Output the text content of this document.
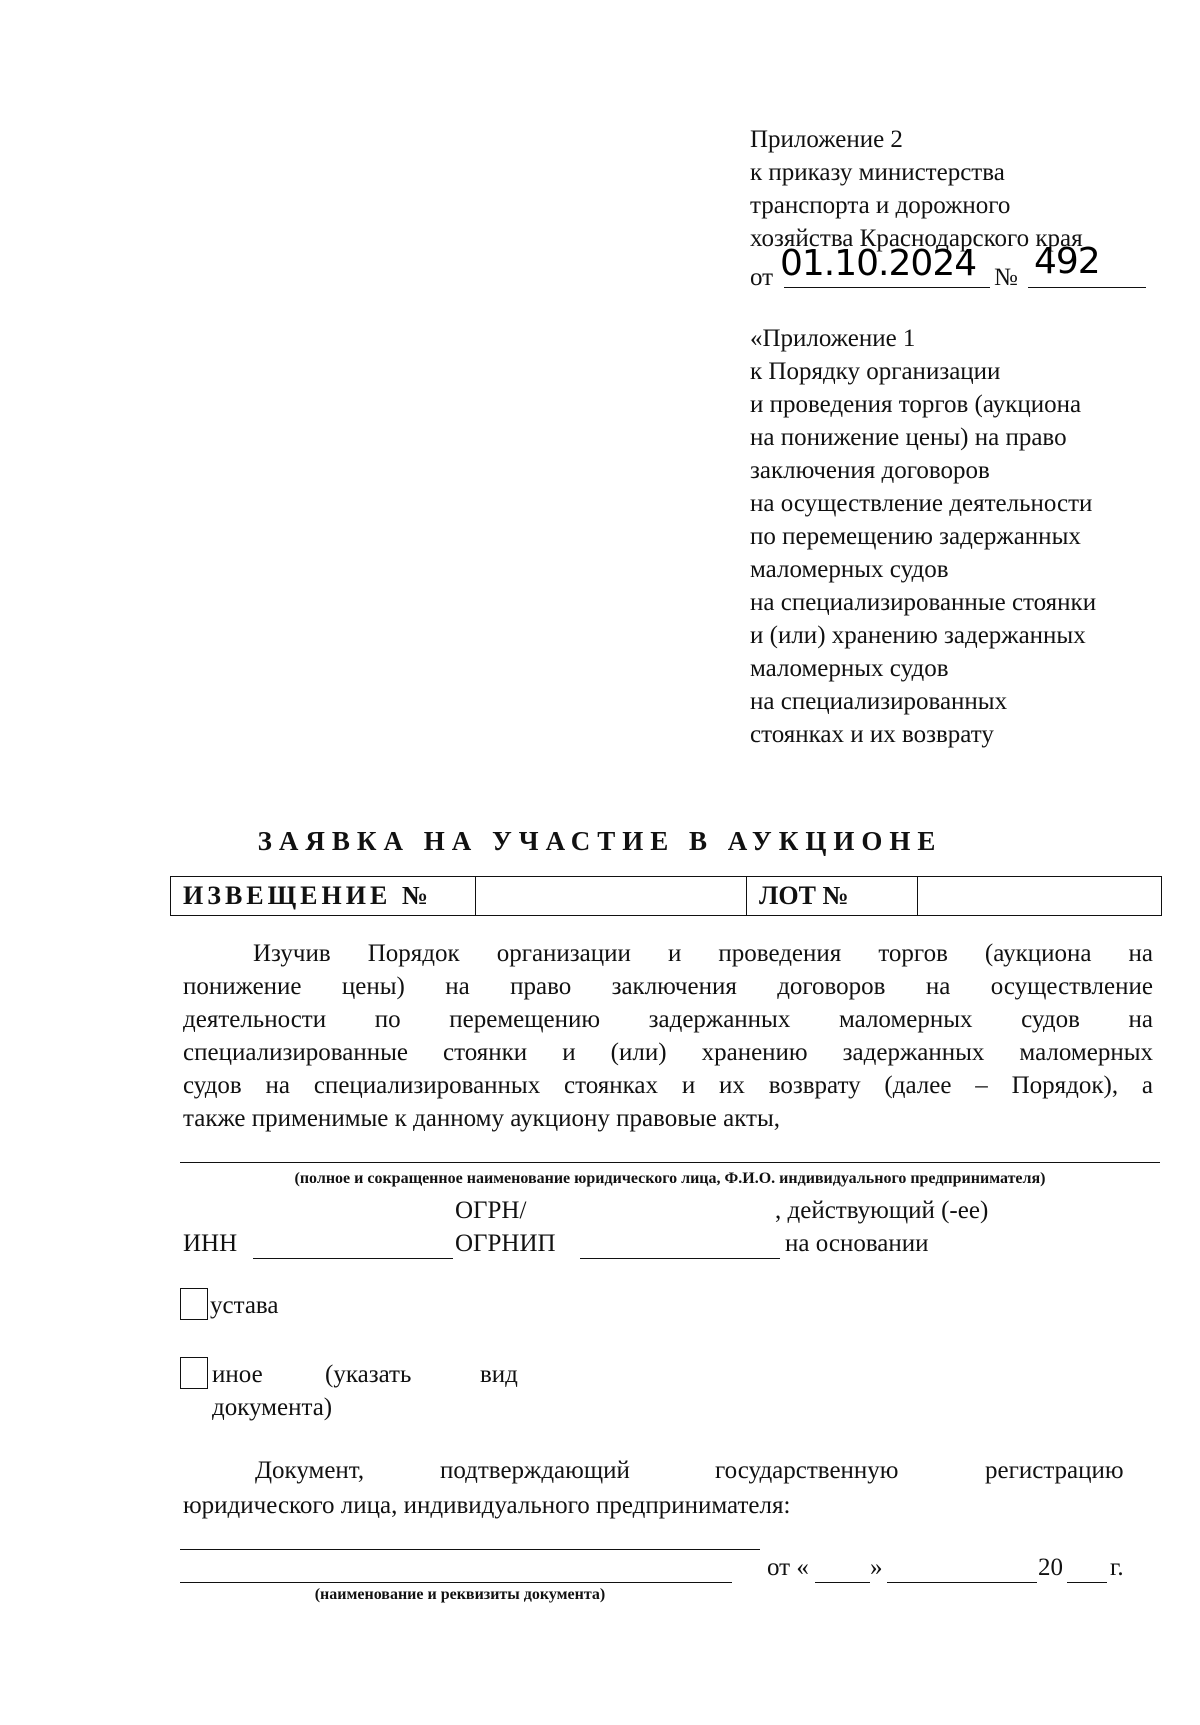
Приложение 2
к приказу министерства
транспорта и дорожного
хозяйства Краснодарского края
от 01.10.2024 № 492
«Приложение 1
к Порядку организации
и проведения торгов (аукциона
на понижение цены) на право
заключения договоров
на осуществление деятельности
по перемещению задержанных
маломерных судов
на специализированные стоянки
и (или) хранению задержанных
маломерных судов
на специализированных
стоянках и их возврату
ЗАЯВКА НА УЧАСТИЕ В АУКЦИОНЕ
ИЗВЕЩЕНИЕ №		ЛОТ №	
Изучив Порядок организации и проведения торгов (аукциона на
понижение цены) на право заключения договоров на осуществление
деятельности по перемещению задержанных маломерных судов на
специализированные стоянки и (или) хранению задержанных маломерных
судов на специализированных стоянках и их возврату (далее – Порядок), а
также применимые к данному аукциону правовые акты,
(полное и сокращенное наименование юридического лица, Ф.И.О. индивидуального предпринимателя)
ОГРН/	, действующий (-ее)
ИНН	ОГРНИП	на основании
устава
иное (указать	вид
документа)
Документ,	подтверждающий	государственную	регистрацию
юридического лица, индивидуального предпринимателя:
от « »	20 г.
(наименование и реквизиты документа)
